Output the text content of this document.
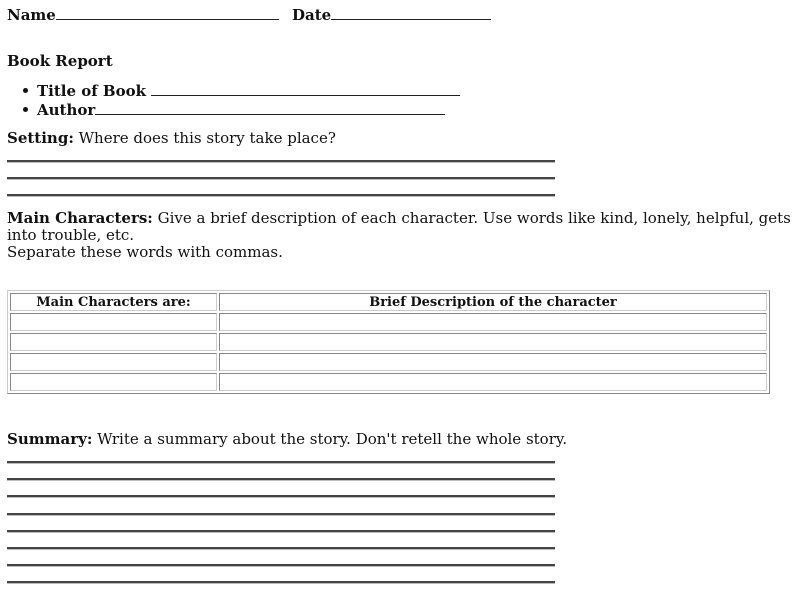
Name	Date
Book Report
Title of Book
Author
Setting: Where does this story take place?
Main Characters: Give a brief description of each character. Use words like kind, lonely, helpful, gets into trouble, etc.
Separate these words with commas.
Main Characters are:	Brief Description of the character

Summary: Write a summary about the story. Don't retell the whole story.
